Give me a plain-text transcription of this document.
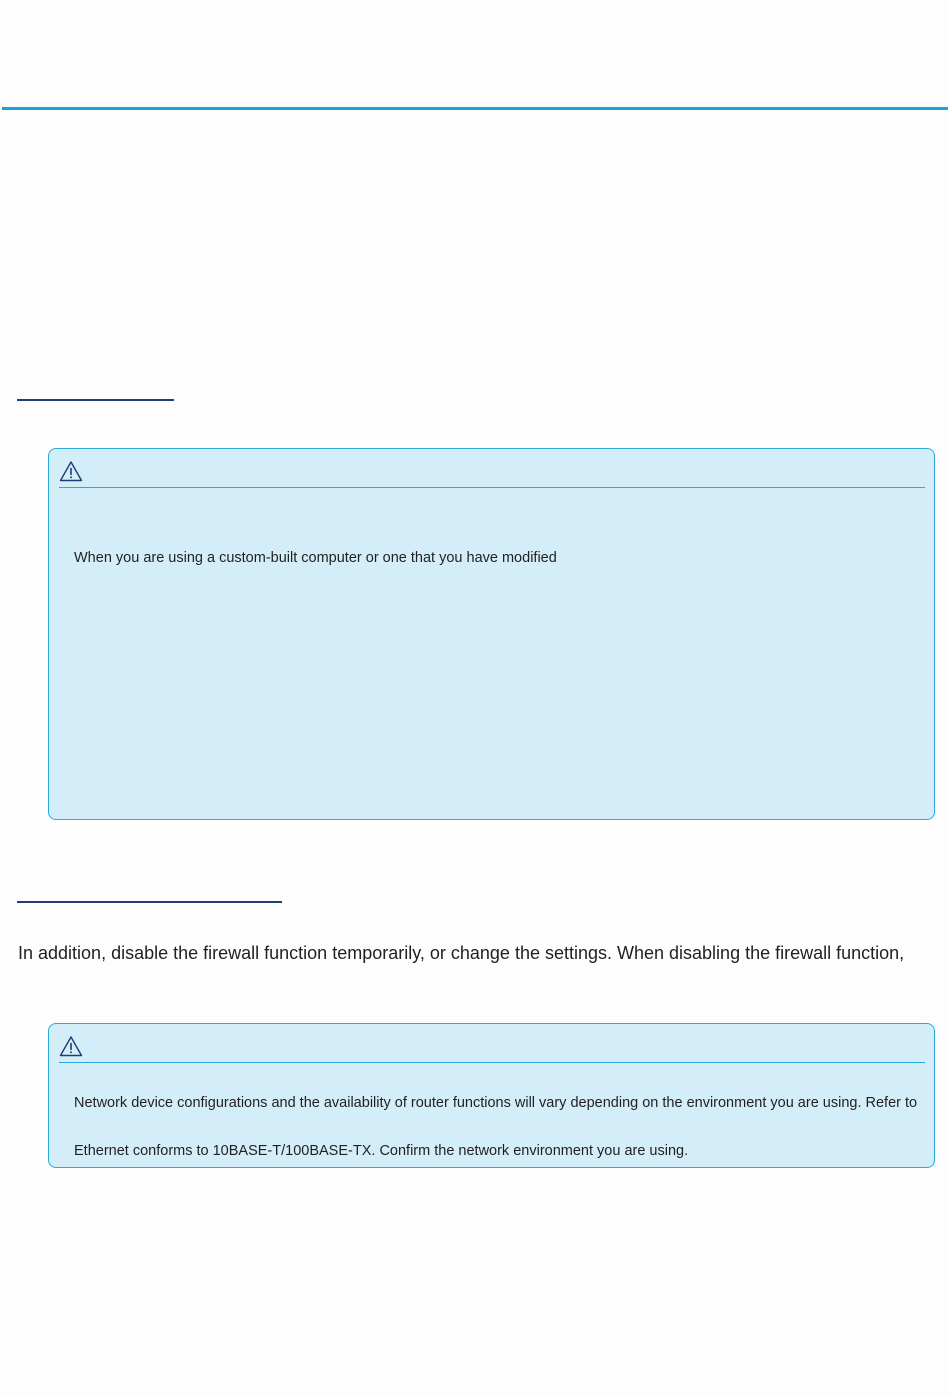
When you are using a custom-built computer or one that you have modified
In addition, disable the firewall function temporarily, or change the settings. When disabling the firewall function,
Network device configurations and the availability of router functions will vary depending on the environment you are using. Refer to
Ethernet conforms to 10BASE-T/100BASE-TX. Confirm the network environment you are using.
